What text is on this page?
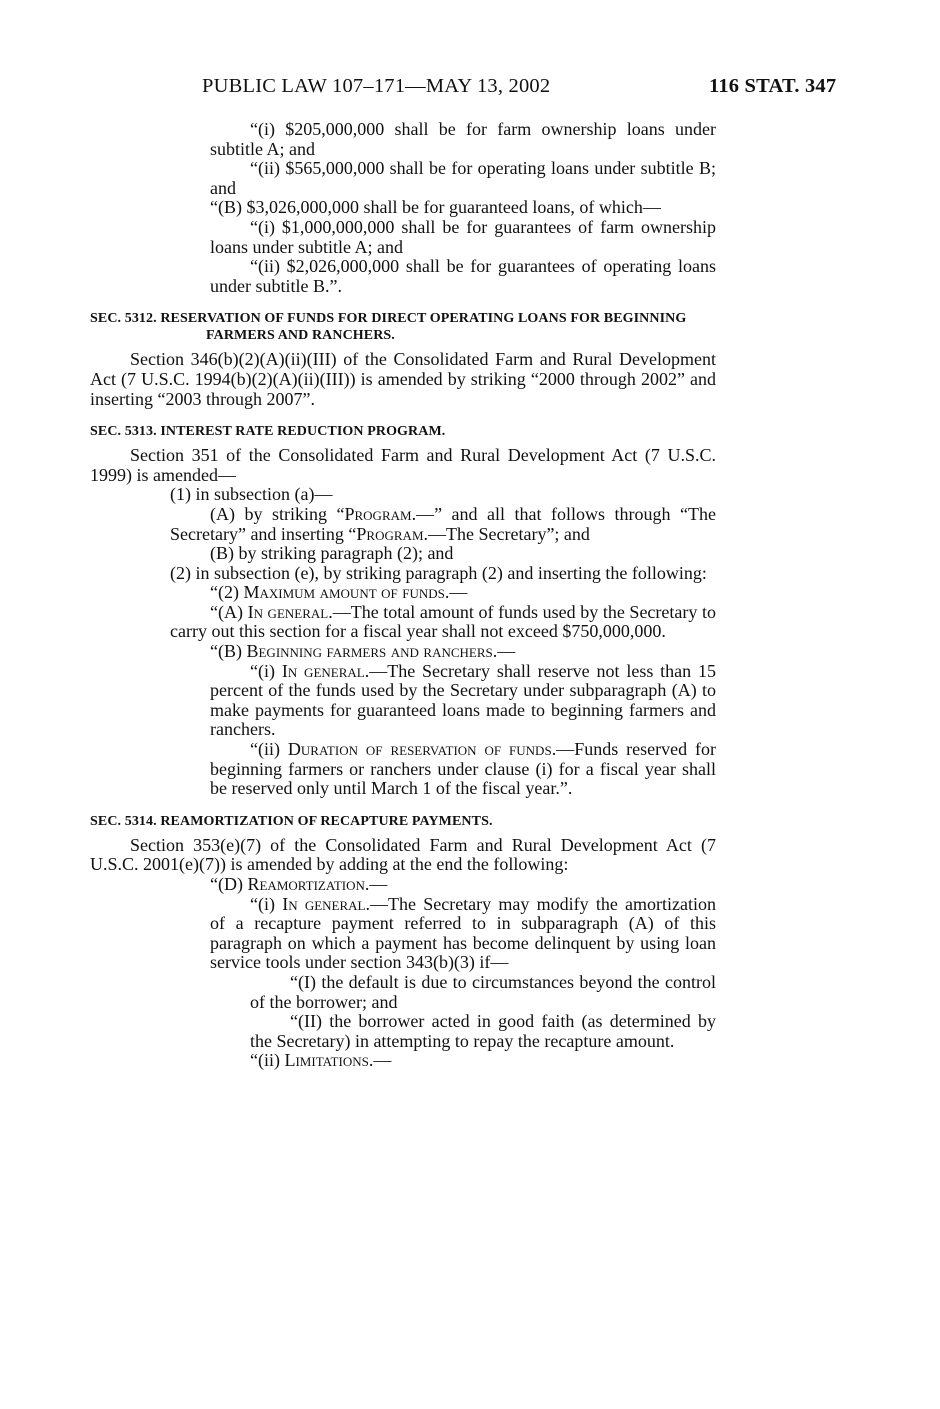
PUBLIC LAW 107–171—MAY 13, 2002	116 STAT. 347

“(i) $205,000,000 shall be for farm ownership loans under subtitle A; and

“(ii) $565,000,000 shall be for operating loans under subtitle B; and

“(B) $3,026,000,000 shall be for guaranteed loans, of which—

“(i) $1,000,000,000 shall be for guarantees of farm ownership loans under subtitle A; and

“(ii) $2,026,000,000 shall be for guarantees of operating loans under subtitle B.”.

SEC. 5312. RESERVATION OF FUNDS FOR DIRECT OPERATING LOANS FOR BEGINNING FARMERS AND RANCHERS.

Section 346(b)(2)(A)(ii)(III) of the Consolidated Farm and Rural Development Act (7 U.S.C. 1994(b)(2)(A)(ii)(III)) is amended by striking “2000 through 2002” and inserting “2003 through 2007”.

SEC. 5313. INTEREST RATE REDUCTION PROGRAM.

Section 351 of the Consolidated Farm and Rural Development Act (7 U.S.C. 1999) is amended—

(1) in subsection (a)—

(A) by striking “Program.—” and all that follows through “The Secretary” and inserting “Program.—The Secretary”; and

(B) by striking paragraph (2); and

(2) in subsection (e), by striking paragraph (2) and inserting the following:

“(2) Maximum amount of funds.—

“(A) In general.—The total amount of funds used by the Secretary to carry out this section for a fiscal year shall not exceed $750,000,000.

“(B) Beginning farmers and ranchers.—

“(i) In general.—The Secretary shall reserve not less than 15 percent of the funds used by the Secretary under subparagraph (A) to make payments for guaranteed loans made to beginning farmers and ranchers.

“(ii) Duration of reservation of funds.—Funds reserved for beginning farmers or ranchers under clause (i) for a fiscal year shall be reserved only until March 1 of the fiscal year.”.

SEC. 5314. REAMORTIZATION OF RECAPTURE PAYMENTS.

Section 353(e)(7) of the Consolidated Farm and Rural Development Act (7 U.S.C. 2001(e)(7)) is amended by adding at the end the following:

“(D) Reamortization.—

“(i) In general.—The Secretary may modify the amortization of a recapture payment referred to in subparagraph (A) of this paragraph on which a payment has become delinquent by using loan service tools under section 343(b)(3) if—

“(I) the default is due to circumstances beyond the control of the borrower; and

“(II) the borrower acted in good faith (as determined by the Secretary) in attempting to repay the recapture amount.

“(ii) Limitations.—
